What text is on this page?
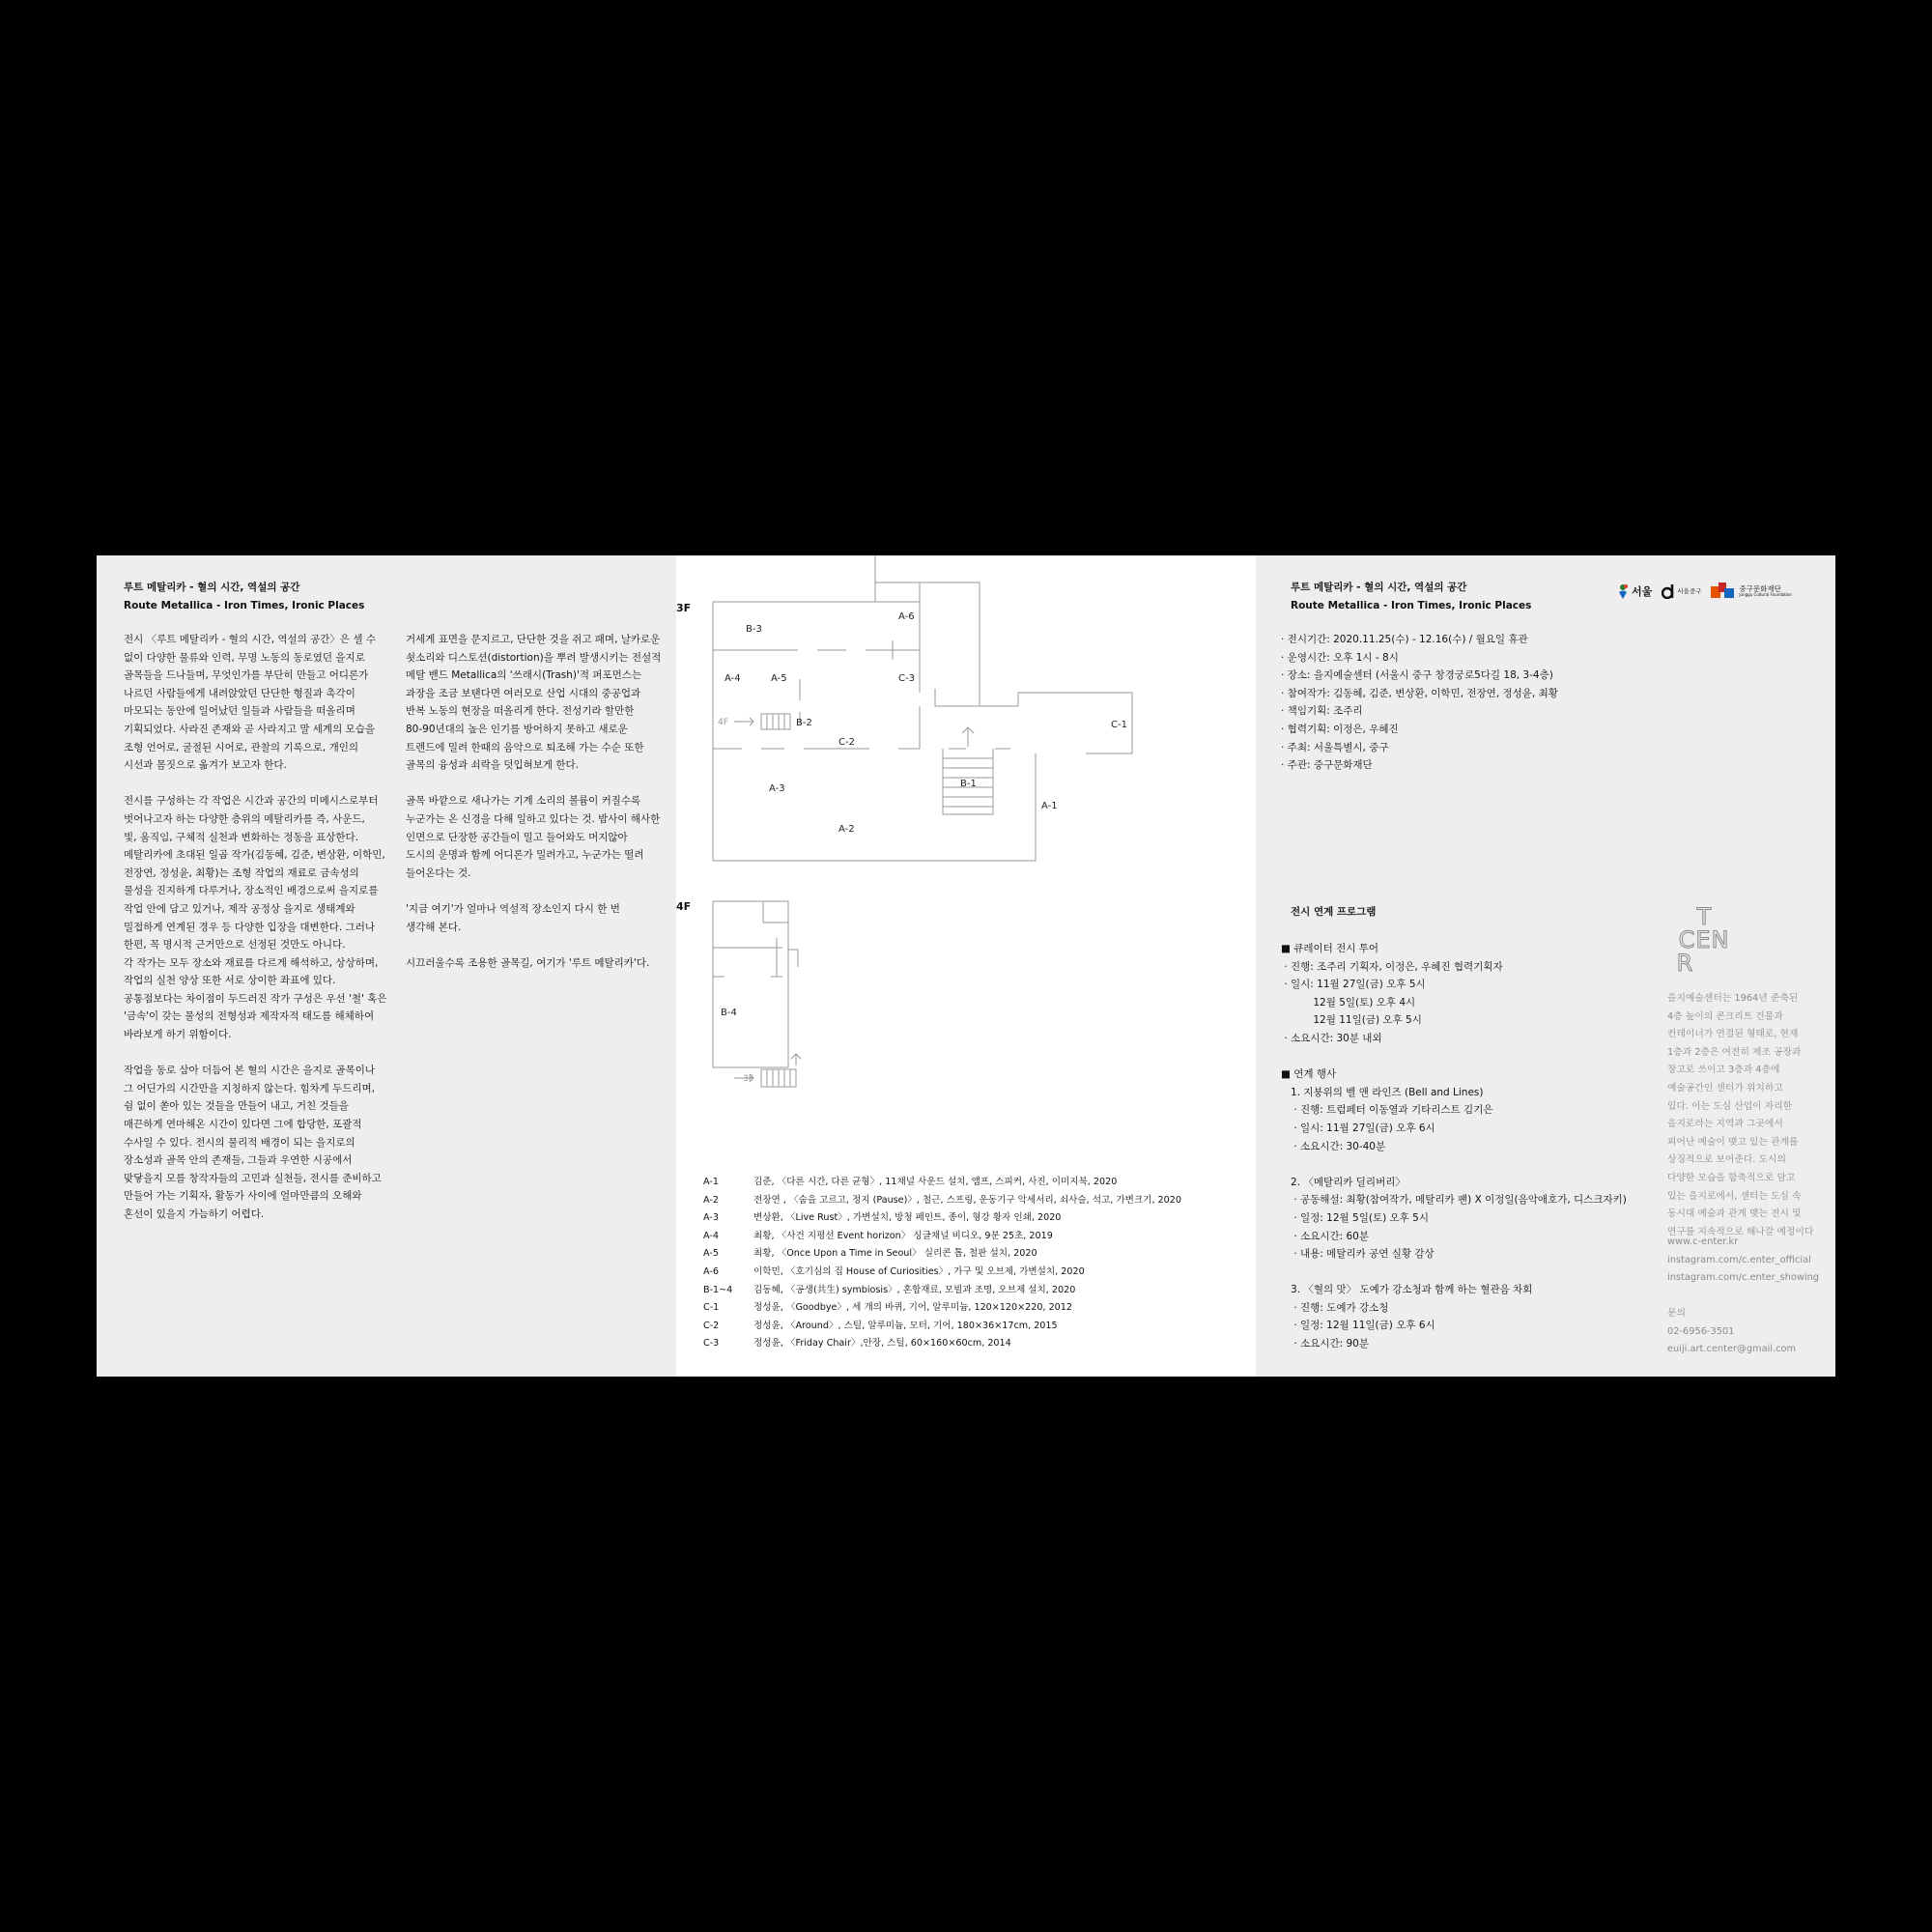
루트 메탈리카 - 혈의 시간, 역설의 공간
Route Metallica - Iron Times, Ironic Places
전시 〈루트 메탈리카 - 혈의 시간, 역설의 공간〉은 셀 수
없이 다양한 물류와 인력, 무명 노동의 동로였던 을지로
골목들을 드나들며, 무엇인가를 부단히 만들고 어디론가
나르던 사람들에게 내려앉았던 단단한 형질과 촉각이
마모되는 동안에 일어났던 일들과 사람들을 떠올리며
기획되었다. 사라진 존재와 곧 사라지고 말 세계의 모습을
조형 언어로, 굴절된 시어로, 관찰의 기록으로, 개인의
시선과 몸짓으로 옮겨가 보고자 한다.

전시를 구성하는 각 작업은 시간과 공간의 미메시스로부터
벗어나고자 하는 다양한 층위의 메탈리카를 즉, 사운드,
빛, 움직임, 구체적 실천과 변화하는 정동을 표상한다.
메탈리카에 초대된 일곱 작가(김동혜, 김준, 변상환, 이학민,
전장연, 정성윤, 최황)는 조형 작업의 재료로 금속성의
물성을 진지하게 다루거나, 장소적인 배경으로써 을지로를
작업 안에 담고 있거나, 제작 공정상 을지로 생태계와
밀접하게 연계된 경우 등 다양한 입장을 대변한다. 그러나
한편, 꼭 명시적 근거만으로 선정된 것만도 아니다.
각 작가는 모두 장소와 재료를 다르게 해석하고, 상상하며,
작업의 실천 양상 또한 서로 상이한 좌표에 있다.
공통점보다는 차이점이 두드러진 작가 구성은 우선 '철' 혹은
'금속'이 갖는 물성의 전형성과 제작자적 태도를 해체하여
바라보게 하기 위함이다.

작업을 동로 삼아 더듬어 본 혈의 시간은 을지로 골목이나
그 어딘가의 시간만을 지칭하지 않는다. 힘차게 두드리며,
쉼 없이 쏟아 있는 것들을 만들어 내고, 거친 것들을
매끈하게 연마해온 시간이 있다면 그에 합당한, 포괄적
수사일 수 있다. 전시의 물리적 배경이 되는 을지로의
장소성과 골목 안의 존재들, 그들과 우연한 시공에서
맞닿을지 모를 창작자들의 고민과 실천들, 전시를 준비하고
만들어 가는 기획자, 활동가 사이에 얼마만큼의 오해와
혼선이 있을지 가늠하기 어렵다.
거세게 표면을 문지르고, 단단한 것을 쥐고 패며, 날카로운
쇳소리와 디스토션(distortion)을 뿌려 발생시키는 전설적
메탈 밴드 Metallica의 '쓰래시(Trash)'적 퍼포먼스는
과장을 조금 보탠다면 여러모로 산업 시대의 중공업과
반복 노동의 현장을 떠올리게 한다. 전성기라 할만한
80-90년대의 높은 인기를 방어하지 못하고 새로운
트렌드에 밀려 한때의 음악으로 퇴조해 가는 수순 또한
골목의 융성과 쇠락을 덧입혀보게 한다.

골목 바깥으로 새나가는 기계 소리의 볼륨이 커질수록
누군가는 온 신경을 다해 일하고 있다는 것. 밤사이 해사한
인면으로 단장한 공간들이 밀고 들어와도 머지않아
도시의 운명과 함께 어디론가 밀려가고, 누군가는 떨려
들어온다는 것.

'지금 여기'가 얼마나 역설적 장소인지 다시 한 번
생각해 본다.

시끄러울수록 조용한 골목길, 여기가 '루트 메탈리카'다.
3F
4F
B-3
A-6
A-4	A-5	C-3
B-2	C-1
C-2
B-1
A-3
A-1
A-2
B-4
4F
3F
A-1	김준, 〈다른 시간, 다른 균형〉, 11채널 사운드 설치, 앰프, 스피커, 사진, 이미지북, 2020
A-2	전장연 , 〈숨을 고르고, 정지 (Pause)〉, 철근, 스프링, 운동기구 악세서리, 쇠사슬, 석고, 가변크기, 2020
A-3	변상환, 〈Live Rust〉, 가변설치, 방청 페인트, 종이, 형강 황자 인쇄, 2020
A-4	최황, 〈사건 지평선 Event horizon〉 싱글채널 비디오, 9분 25초, 2019
A-5	최황, 〈Once Upon a Time in Seoul〉 실리콘 톱, 철판 설치, 2020
A-6	이학민, 〈호기심의 집 House of Curiosities〉, 가구 및 오브제, 가변설치, 2020
B-1~4	김동혜, 〈공생(共生) symbiosis〉, 혼합재료, 모빌과 조명, 오브제 설치, 2020
C-1	정성윤, 〈Goodbye〉, 세 개의 바퀴, 기어, 알루미늄, 120×120×220, 2012
C-2	정성윤, 〈Around〉, 스틸, 알루미늄, 모터, 기어, 180×36×17cm, 2015
C-3	정성윤, 〈Friday Chair〉,안장, 스틸, 60×160×60cm, 2014
루트 메탈리카 - 혈의 시간, 역설의 공간
Route Metallica - Iron Times, Ironic Places
서울	서울중구	중구문화재단
Junggu Cultural Foundation
· 전시기간: 2020.11.25(수) - 12.16(수) / 월요일 휴관
· 운영시간: 오후 1시 - 8시
· 장소: 을지예술센터 (서울시 중구 창경궁로5다길 18, 3-4층)
· 참여작가: 김동혜, 김준, 변상환, 이학민, 전장연, 정성윤, 최황
· 책임기획: 조주리
· 협력기획: 이정은, 우혜진
· 주최: 서울특별시, 중구
· 주관: 중구문화재단
전시 연계 프로그램
■ 큐레이터 전시 투어
· 진행: 조주리 기획자, 이정은, 우혜진 협력기획자
· 일시: 11월 27일(금) 오후 5시
12월 5일(토) 오후 4시
12월 11일(금) 오후 5시
· 소요시간: 30분 내외

■ 연계 행사
1. 지붕위의 벨 앤 라인즈 (Bell and Lines)
· 진행: 트럼페터 이동열과 기타리스트 김기은
· 일시: 11월 27일(금) 오후 6시
· 소요시간: 30-40분

2. 〈메탈리카 딜리버리〉
· 공동해설: 최황(참여작가, 메탈리카 팬) X 이정일(음악애호가, 디스크자키)
· 일정: 12월 5일(토) 오후 5시
· 소요시간: 60분
· 내용: 메탈리카 공연 실황 감상

3. 〈혈의 맛〉 도예가 강소청과 함께 하는 혈관음 차회
· 진행: 도예가 강소청
· 일정: 12월 11일(금) 오후 6시
· 소요시간: 90분
T
CEN
R
을지예술센터는 1964년 준축된
4층 높이의 콘크리트 건물과
컨테이너가 연결된 형태로, 현재
1층과 2층은 여전히 제조 공장과
창고로 쓰이고 3층과 4층에
예술공간인 센터가 위치하고
있다. 이는 도심 산업이 자리한
을지로라는 지역과 그곳에서
피어난 예술이 맺고 있는 관계를
상징적으로 보여준다. 도시의
다양한 모습을 함축적으로 담고
있는 을지로에서, 센터는 도심 속
동시대 예술과 관계 맺는 전시 및
연구를 지속적으로 해나갈 예정이다
www.c-enter.kr
instagram.com/c.enter_official
instagram.com/c.enter_showing
문의
02-6956-3501
euiji.art.center@gmail.com
